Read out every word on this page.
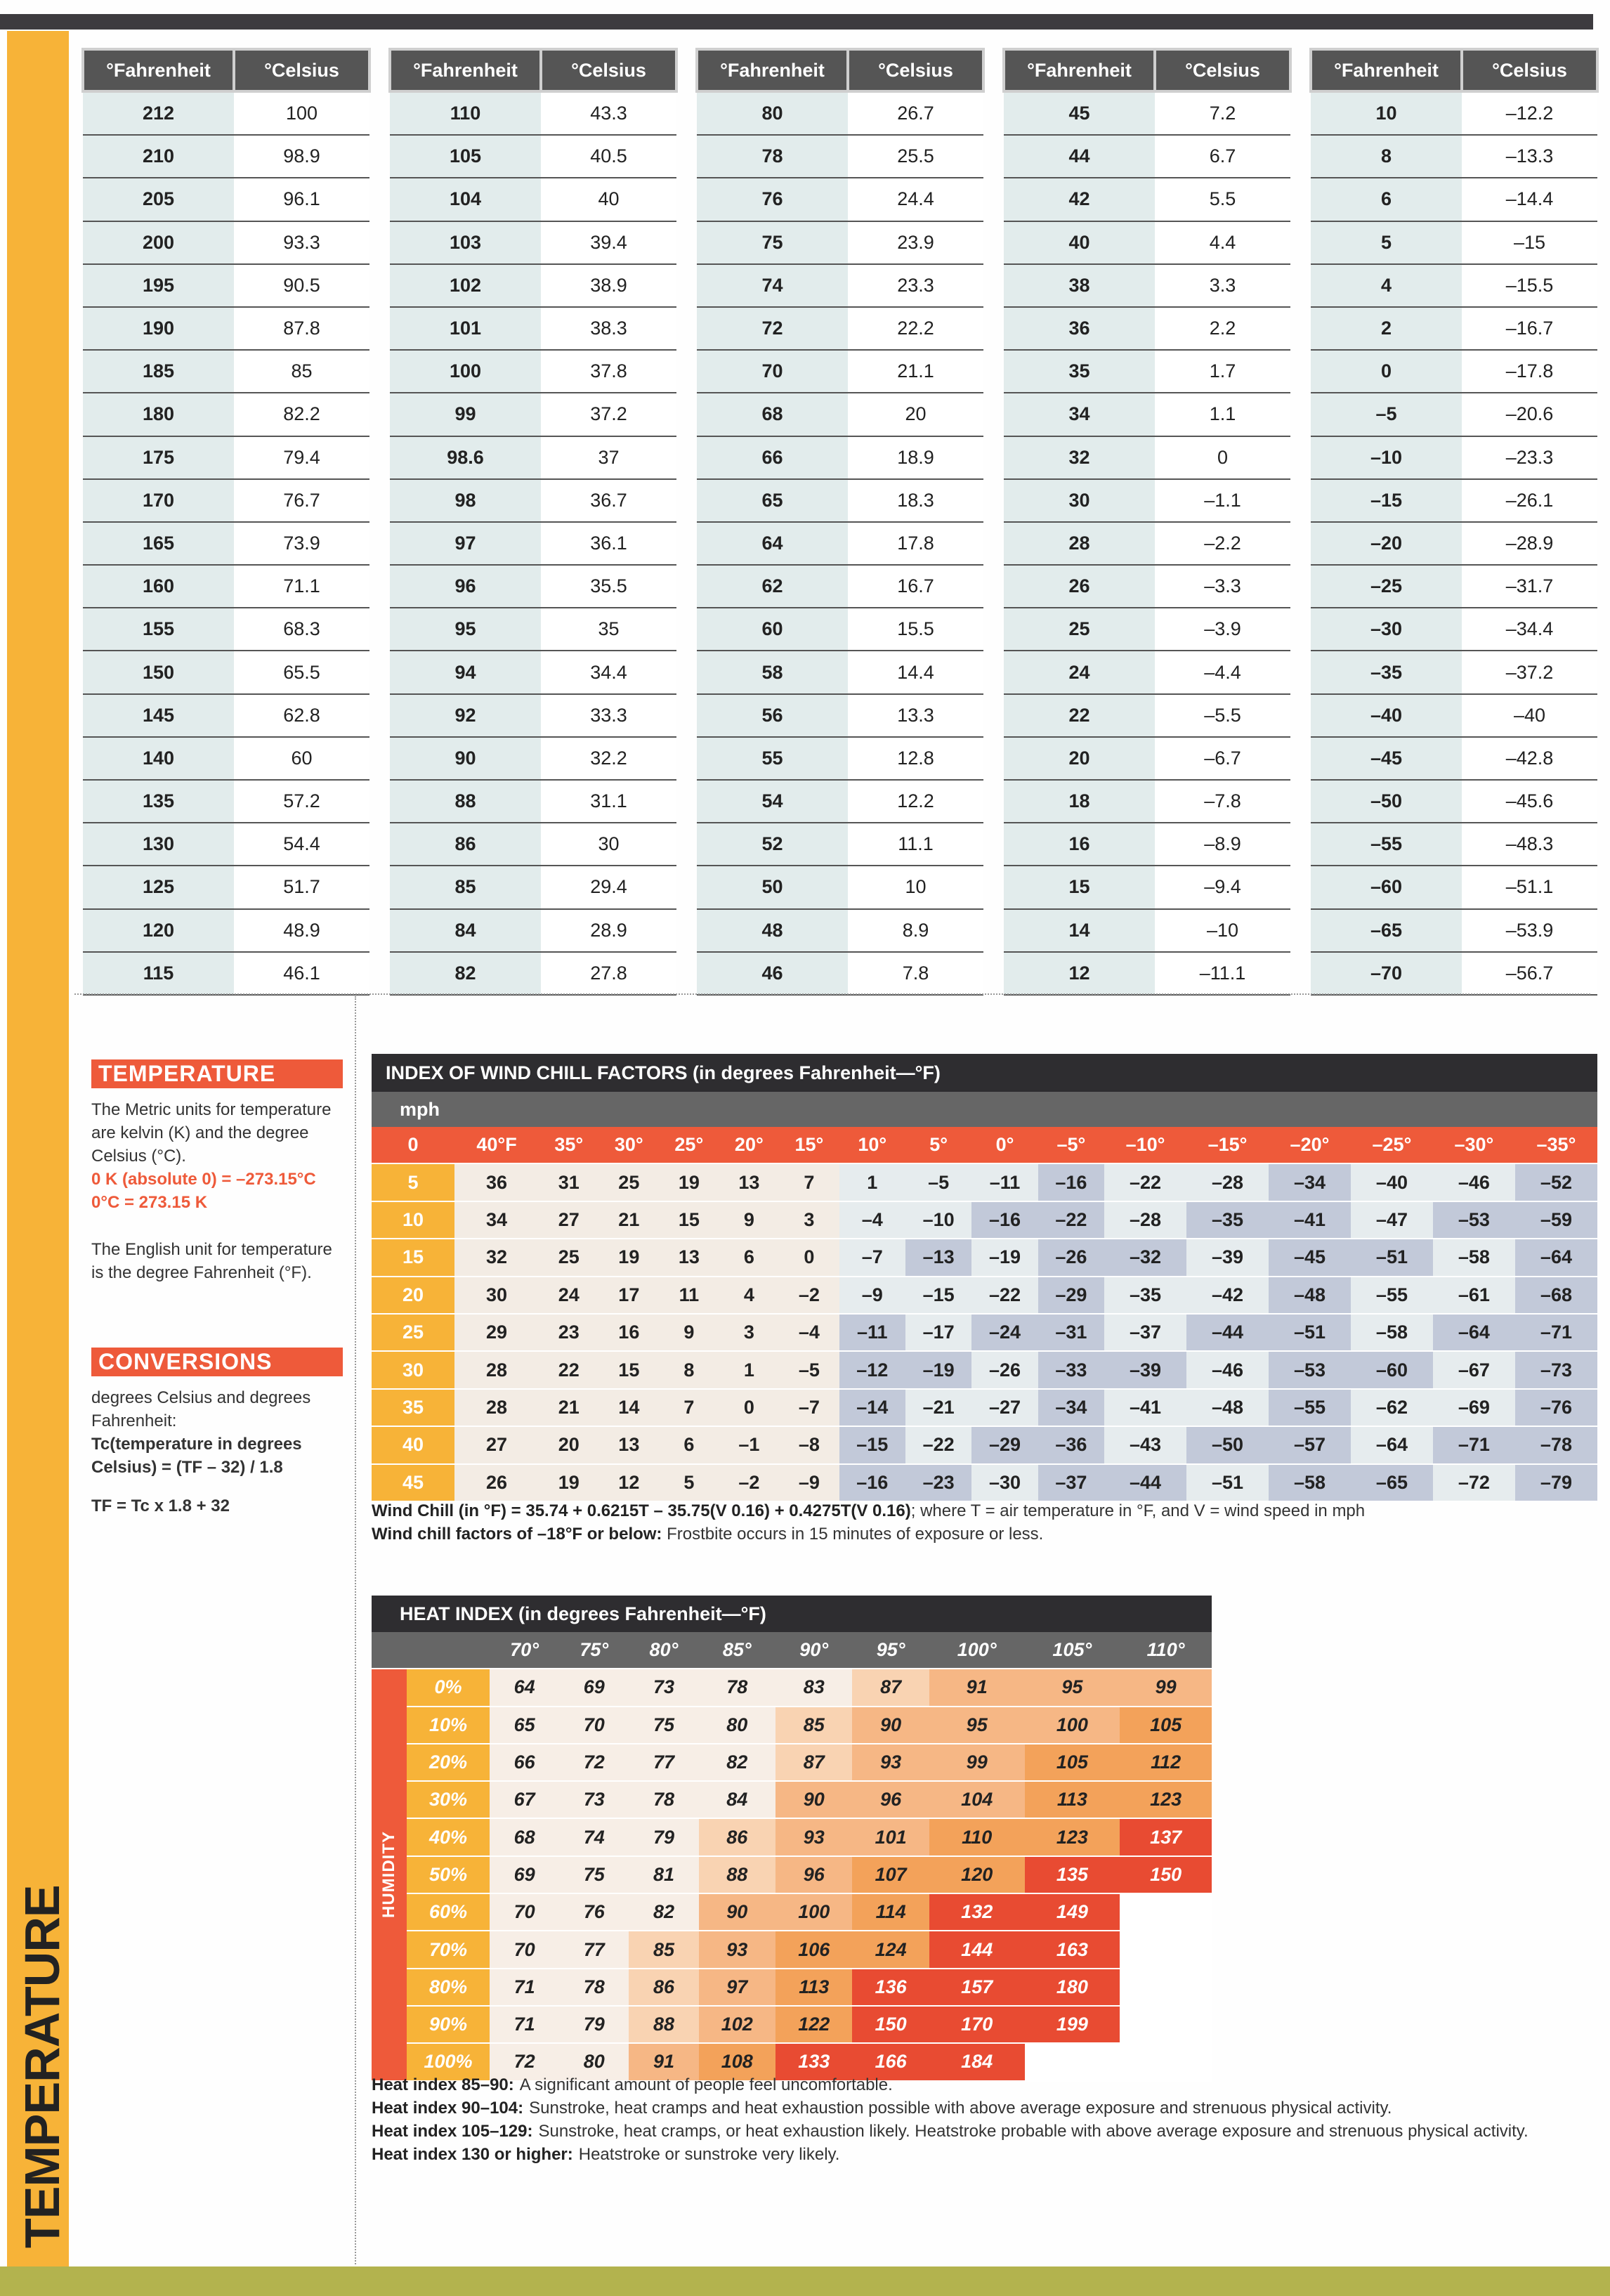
TEMPERATURE
°Fahrenheit	°Celsius
212	100
210	98.9
205	96.1
200	93.3
195	90.5
190	87.8
185	85
180	82.2
175	79.4
170	76.7
165	73.9
160	71.1
155	68.3
150	65.5
145	62.8
140	60
135	57.2
130	54.4
125	51.7
120	48.9
115	46.1
°Fahrenheit	°Celsius
110	43.3
105	40.5
104	40
103	39.4
102	38.9
101	38.3
100	37.8
99	37.2
98.6	37
98	36.7
97	36.1
96	35.5
95	35
94	34.4
92	33.3
90	32.2
88	31.1
86	30
85	29.4
84	28.9
82	27.8
°Fahrenheit	°Celsius
80	26.7
78	25.5
76	24.4
75	23.9
74	23.3
72	22.2
70	21.1
68	20
66	18.9
65	18.3
64	17.8
62	16.7
60	15.5
58	14.4
56	13.3
55	12.8
54	12.2
52	11.1
50	10
48	8.9
46	7.8
°Fahrenheit	°Celsius
45	7.2
44	6.7
42	5.5
40	4.4
38	3.3
36	2.2
35	1.7
34	1.1
32	0
30	–1.1
28	–2.2
26	–3.3
25	–3.9
24	–4.4
22	–5.5
20	–6.7
18	–7.8
16	–8.9
15	–9.4
14	–10
12	–11.1
°Fahrenheit	°Celsius
10	–12.2
8	–13.3
6	–14.4
5	–15
4	–15.5
2	–16.7
0	–17.8
–5	–20.6
–10	–23.3
–15	–26.1
–20	–28.9
–25	–31.7
–30	–34.4
–35	–37.2
–40	–40
–45	–42.8
–50	–45.6
–55	–48.3
–60	–51.1
–65	–53.9
–70	–56.7
TEMPERATURE

The Metric units for temperature are kelvin (K) and the degree Celsius (°C).
0 K (absolute 0) = –273.15°C
0°C = 273.15 K

The English unit for temperature is the degree Fahrenheit (°F).

CONVERSIONS

degrees Celsius and degrees Fahrenheit:

Tc(temperature in degrees Celsius) = (TF – 32) / 1.8

TF = Tc x 1.8 + 32

INDEX OF WIND CHILL FACTORS (in degrees Fahrenheit—°F)
mph
0	40°F	35°	30°	25°	20°	15°	10°	5°	0°	–5°	–10°	–15°	–20°	–25°	–30°	–35°
5	36	31	25	19	13	7	1	–5	–11	–16	–22	–28	–34	–40	–46	–52
10	34	27	21	15	9	3	–4	–10	–16	–22	–28	–35	–41	–47	–53	–59
15	32	25	19	13	6	0	–7	–13	–19	–26	–32	–39	–45	–51	–58	–64
20	30	24	17	11	4	–2	–9	–15	–22	–29	–35	–42	–48	–55	–61	–68
25	29	23	16	9	3	–4	–11	–17	–24	–31	–37	–44	–51	–58	–64	–71
30	28	22	15	8	1	–5	–12	–19	–26	–33	–39	–46	–53	–60	–67	–73
35	28	21	14	7	0	–7	–14	–21	–27	–34	–41	–48	–55	–62	–69	–76
40	27	20	13	6	–1	–8	–15	–22	–29	–36	–43	–50	–57	–64	–71	–78
45	26	19	12	5	–2	–9	–16	–23	–30	–37	–44	–51	–58	–65	–72	–79
Wind Chill (in °F) = 35.74 + 0.6215T – 35.75(V 0.16) + 0.4275T(V 0.16); where T = air temperature in °F, and V = wind speed in mph
Wind chill factors of –18°F or below: Frostbite occurs in 15 minutes of exposure or less.
HEAT INDEX (in degrees Fahrenheit—°F)
		70°	75°	80°	85°	90°	95°	100°	105°	110°

HUMIDITY	0%	64	69	73	78	83	87	91	95	99
	10%	65	70	75	80	85	90	95	100	105
	20%	66	72	77	82	87	93	99	105	112
	30%	67	73	78	84	90	96	104	113	123
	40%	68	74	79	86	93	101	110	123	137
	50%	69	75	81	88	96	107	120	135	150
	60%	70	76	82	90	100	114	132	149	
	70%	70	77	85	93	106	124	144	163	
	80%	71	78	86	97	113	136	157	180	
	90%	71	79	88	102	122	150	170	199	
	100%	72	80	91	108	133	166	184		
Heat index 85–90: A significant amount of people feel uncomfortable.
Heat index 90–104: Sunstroke, heat cramps and heat exhaustion possible with above average exposure and strenuous physical activity.
Heat index 105–129: Sunstroke, heat cramps, or heat exhaustion likely. Heatstroke probable with above average exposure and strenuous physical activity.
Heat index 130 or higher: Heatstroke or sunstroke very likely.
